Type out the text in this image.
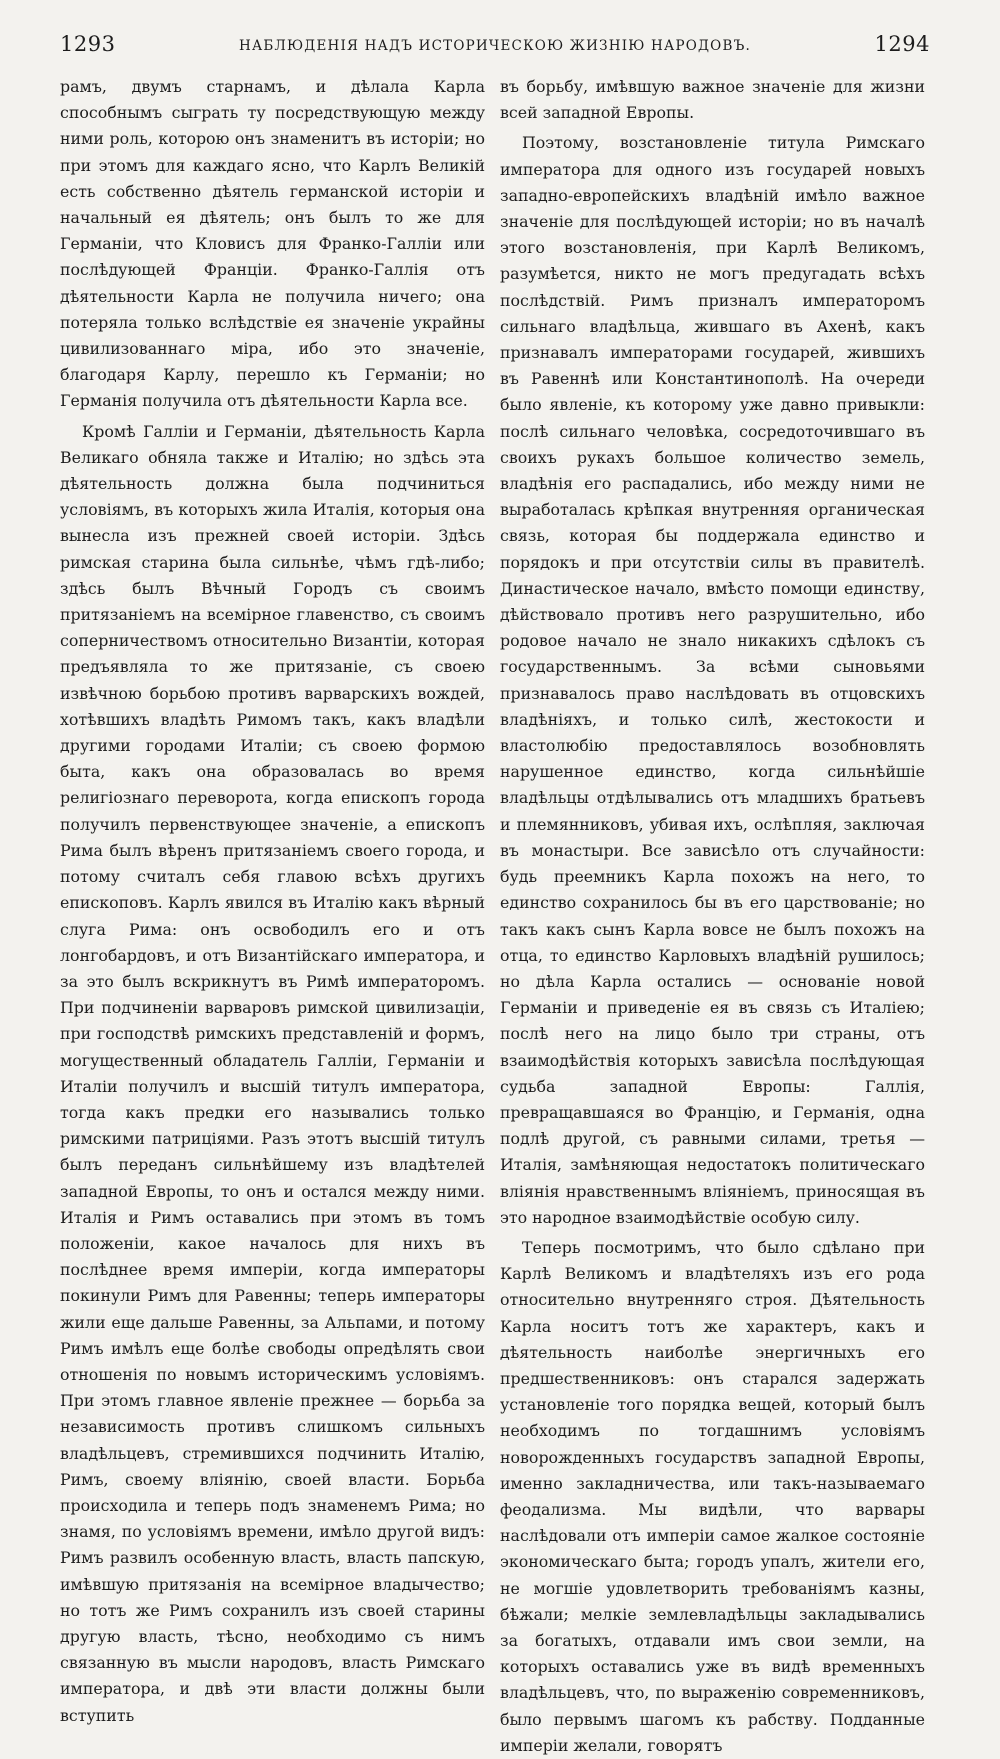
1293	НАБЛЮДЕНІЯ НАДЪ ИСТОРИЧЕСКОЮ ЖИЗНІЮ НАРОДОВЪ.	1294

рамъ, двумъ старнамъ, и дѣлала Карла способнымъ сыграть ту посредствующую между ними роль, которою онъ знаменитъ въ исторіи; но при этомъ для каждаго ясно, что Карлъ Великій есть собственно дѣятель германской исторіи и начальный ея дѣятель; онъ былъ то же для Германіи, что Кловисъ для Франко-Галліи или послѣдующей Франціи. Франко-Галлія отъ дѣятельности Карла не получила ничего; она потеряла только вслѣдствіе ея значеніе украйны цивилизованнаго міра, ибо это значеніе, благодаря Карлу, перешло къ Германіи; но Германія получила отъ дѣятельности Карла все.

Кромѣ Галліи и Германіи, дѣятельность Карла Великаго обняла также и Италію; но здѣсь эта дѣятельность должна была подчиниться условіямъ, въ которыхъ жила Италія, которыя она вынесла изъ прежней своей исторіи. Здѣсь римская старина была сильнѣе, чѣмъ гдѣ-либо; здѣсь былъ Вѣчный Городъ съ своимъ притязаніемъ на всемірное главенство, съ своимъ соперничествомъ относительно Византіи, которая предъявляла то же притязаніе, съ своею извѣчною борьбою противъ варварскихъ вождей, хотѣвшихъ владѣть Римомъ такъ, какъ владѣли другими городами Италіи; съ своею формою быта, какъ она образовалась во время религіознаго переворота, когда епископъ города получилъ первенствующее значеніе, а епископъ Рима былъ вѣренъ притязаніемъ своего города, и потому считалъ себя главою всѣхъ другихъ епископовъ. Карлъ явился въ Италію какъ вѣрный слуга Рима: онъ освободилъ его и отъ лонгобардовъ, и отъ Византійскаго императора, и за это былъ вскрикнутъ въ Римѣ императоромъ. При подчиненіи варваровъ римской цивилизаціи, при господствѣ римскихъ представленій и формъ, могущественный обладатель Галліи, Германіи и Италіи получилъ и высшій титулъ императора, тогда какъ предки его назывались только римскими патриціями. Разъ этотъ высшій титулъ былъ переданъ сильнѣйшему изъ владѣтелей западной Европы, то онъ и остался между ними. Италія и Римъ оставались при этомъ въ томъ положеніи, какое началось для нихъ въ послѣднее время имперіи, когда императоры покинули Римъ для Равенны; теперь императоры жили еще дальше Равенны, за Альпами, и потому Римъ имѣлъ еще болѣе свободы опредѣлять свои отношенія по новымъ историческимъ условіямъ. При этомъ главное явленіе прежнее — борьба за независимость противъ слишкомъ сильныхъ владѣльцевъ, стремившихся подчинить Италію, Римъ, своему вліянію, своей власти. Борьба происходила и теперь подъ знаменемъ Рима; но знамя, по условіямъ времени, имѣло другой видъ: Римъ развилъ особенную власть, власть папскую, имѣвшую притязанія на всемірное владычество; но тотъ же Римъ сохранилъ изъ своей старины другую власть, тѣсно, необходимо съ нимъ связанную въ мысли народовъ, власть Римскаго императора, и двѣ эти власти должны были вступить

въ борьбу, имѣвшую важное значеніе для жизни всей западной Европы.

Поэтому, возстановленіе титула Римскаго императора для одного изъ государей новыхъ западно-европейскихъ владѣній имѣло важное значеніе для послѣдующей исторіи; но въ началѣ этого возстановленія, при Карлѣ Великомъ, разумѣется, никто не могъ предугадать всѣхъ послѣдствій. Римъ призналъ императоромъ сильнаго владѣльца, жившаго въ Ахенѣ, какъ признавалъ императорами государей, жившихъ въ Равеннѣ или Константинополѣ. На очереди было явленіе, къ которому уже давно привыкли: послѣ сильнаго человѣка, сосредоточившаго въ своихъ рукахъ большое количество земель, владѣнія его распадались, ибо между ними не выработалась крѣпкая внутренняя органическая связь, которая бы поддержала единство и порядокъ и при отсутствіи силы въ правителѣ. Династическое начало, вмѣсто помощи единству, дѣйствовало противъ него разрушительно, ибо родовое начало не знало никакихъ сдѣлокъ съ государственнымъ. За всѣми сыновьями признавалось право наслѣдовать въ отцовскихъ владѣніяхъ, и только силѣ, жестокости и властолюбію предоставлялось возобновлять нарушенное единство, когда сильнѣйшіе владѣльцы отдѣлывались отъ младшихъ братьевъ и племянниковъ, убивая ихъ, ослѣпляя, заключая въ монастыри. Все зависѣло отъ случайности: будь преемникъ Карла похожъ на него, то единство сохранилось бы въ его царствованіе; но такъ какъ сынъ Карла вовсе не былъ похожъ на отца, то единство Карловыхъ владѣній рушилось; но дѣла Карла остались — основаніе новой Германіи и приведеніе ея въ связь съ Италіею; послѣ него на лицо было три страны, отъ взаимодѣйствія которыхъ зависѣла послѣдующая судьба западной Европы: Галлія, превращавшаяся во Францію, и Германія, одна подлѣ другой, съ равными силами, третья — Италія, замѣняющая недостатокъ политическаго вліянія нравственнымъ вліяніемъ, приносящая въ это народное взаимодѣйствіе особую силу.

Теперь посмотримъ, что было сдѣлано при Карлѣ Великомъ и владѣтеляхъ изъ его рода относительно внутренняго строя. Дѣятельность Карла носитъ тотъ же характеръ, какъ и дѣятельность наиболѣе энергичныхъ его предшественниковъ: онъ старался задержать установленіе того порядка вещей, который былъ необходимъ по тогдашнимъ условіямъ новорожденныхъ государствъ западной Европы, именно закладничества, или такъ-называемаго феодализма. Мы видѣли, что варвары наслѣдовали отъ имперіи самое жалкое состояніе экономическаго быта; городъ упалъ, жители его, не могшіе удовлетворить требованіямъ казны, бѣжали; мелкіе землевладѣльцы закладывались за богатыхъ, отдавали имъ свои земли, на которыхъ оставались уже въ видѣ временныхъ владѣльцевъ, что, по выраженію современниковъ, было первымъ шагомъ къ рабству. Подданные имперіи желали, говорятъ
